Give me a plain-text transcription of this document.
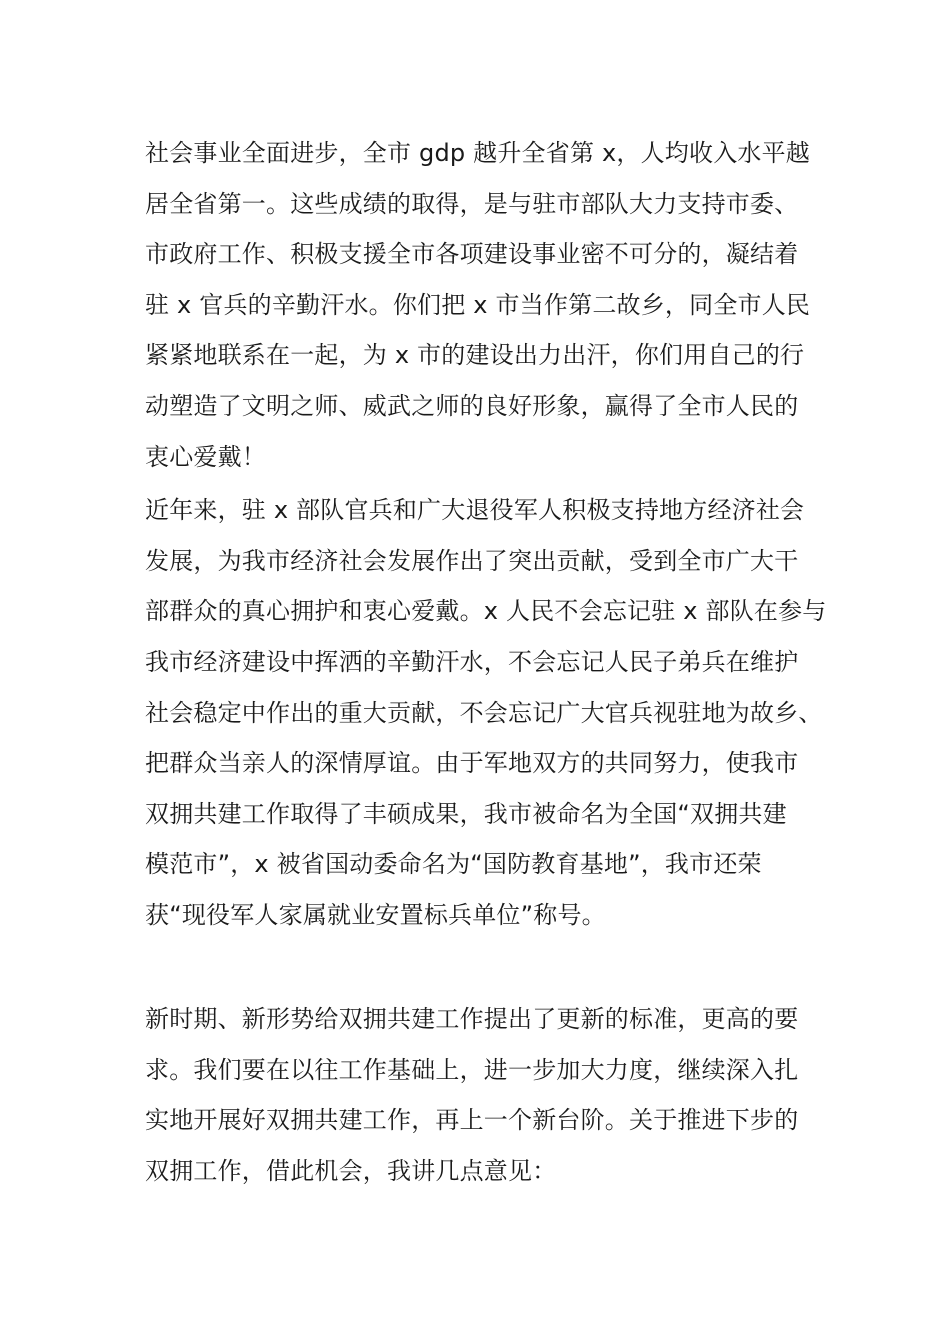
社会事业全面进步，全市 gdp 越升全省第 x，人均收入水平越
居全省第一。这些成绩的取得，是与驻市部队大力支持市委、
市政府工作、积极支援全市各项建设事业密不可分的，凝结着
驻 x 官兵的辛勤汗水。你们把 x 市当作第二故乡，同全市人民
紧紧地联系在一起，为 x 市的建设出力出汗，你们用自己的行
动塑造了文明之师、威武之师的良好形象，赢得了全市人民的
衷心爱戴！
近年来，驻 x 部队官兵和广大退役军人积极支持地方经济社会
发展，为我市经济社会发展作出了突出贡献，受到全市广大干
部群众的真心拥护和衷心爱戴。x 人民不会忘记驻 x 部队在参与
我市经济建设中挥洒的辛勤汗水，不会忘记人民子弟兵在维护
社会稳定中作出的重大贡献，不会忘记广大官兵视驻地为故乡、
把群众当亲人的深情厚谊。由于军地双方的共同努力，使我市
双拥共建工作取得了丰硕成果，我市被命名为全国“双拥共建
模范市”，x 被省国动委命名为“国防教育基地”，我市还荣
获“现役军人家属就业安置标兵单位”称号。
新时期、新形势给双拥共建工作提出了更新的标准，更高的要
求。我们要在以往工作基础上，进一步加大力度，继续深入扎
实地开展好双拥共建工作，再上一个新台阶。关于推进下步的
双拥工作，借此机会，我讲几点意见：
